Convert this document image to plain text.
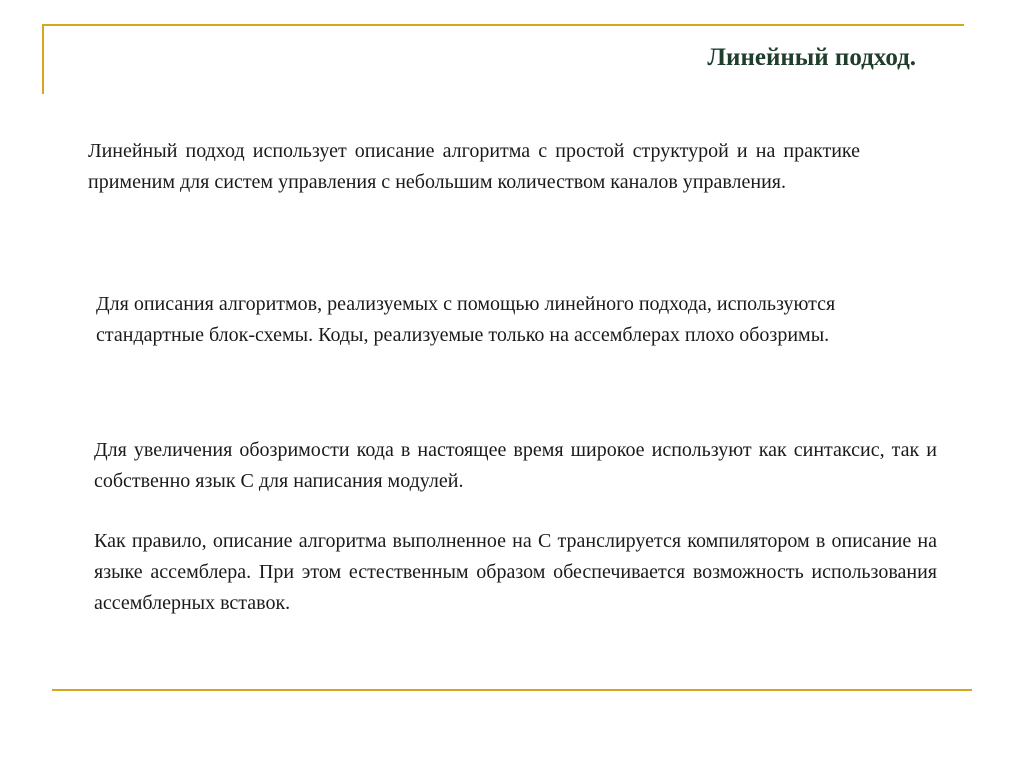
Линейный подход.
Линейный подход использует описание алгоритма с простой структурой и на практике применим для систем управления с небольшим количеством каналов управления.
Для описания алгоритмов, реализуемых с помощью линейного подхода, используются стандартные блок-схемы. Коды, реализуемые только на ассемблерах плохо обозримы.
Для увеличения обозримости кода в настоящее время широкое используют как синтаксис, так и собственно язык С для написания модулей.
Как правило, описание алгоритма выполненное на С транслируется компилятором в описание на языке ассемблера. При этом естественным образом обеспечивается возможность использования ассемблерных вставок.
